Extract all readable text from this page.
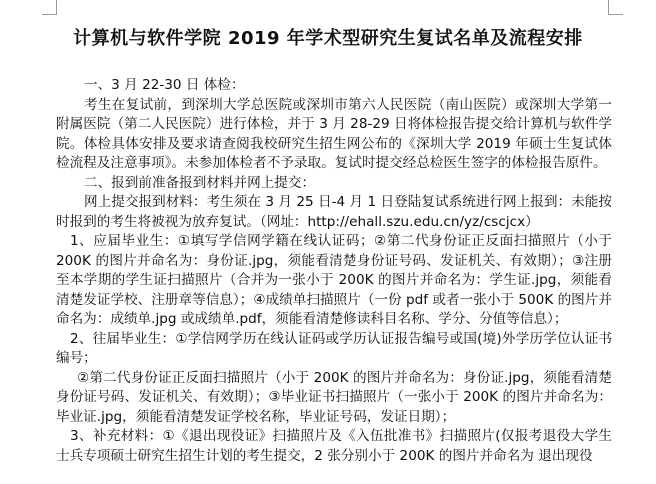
计算机与软件学院 2019 年学术型研究生复试名单及流程安排

一、3 月 22-30 日 体检：

考生在复试前，到深圳大学总医院或深圳市第六人民医院（南山医院）或深圳大学第一附属医院（第二人民医院）进行体检，并于 3 月 28-29 日将体检报告提交给计算机与软件学院。体检具体安排及要求请查阅我校研究生招生网公布的《深圳大学 2019 年硕士生复试体检流程及注意事项》。未参加体检者不予录取。复试时提交经总检医生签字的体检报告原件。

二、报到前准备报到材料并网上提交：

网上提交报到材料：考生须在 3 月 25 日-4 月 1 日登陆复试系统进行网上报到：未能按时报到的考生将被视为放弃复试。（网址：http://ehall.szu.edu.cn/yz/cscjcx）

1、应届毕业生：①填写学信网学籍在线认证码；②第二代身份证正反面扫描照片（小于 200K 的图片并命名为：身份证.jpg，须能看清楚身份证号码、发证机关、有效期）；③注册至本学期的学生证扫描照片（合并为一张小于 200K 的图片并命名为：学生证.jpg，须能看清楚发证学校、注册章等信息）；④成绩单扫描照片（一份 pdf 或者一张小于 500K 的图片并命名为：成绩单.jpg 或成绩单.pdf，须能看清楚修读科目名称、学分、分值等信息）；

2、往届毕业生：①学信网学历在线认证码或学历认证报告编号或国(境)外学历学位认证书编号；

②第二代身份证正反面扫描照片（小于 200K 的图片并命名为：身份证.jpg，须能看清楚身份证号码、发证机关、有效期）；③毕业证书扫描照片（一张小于 200K 的图片并命名为：毕业证.jpg，须能看清楚发证学校名称，毕业证号码，发证日期）；

3、补充材料：①《退出现役证》扫描照片及《入伍批准书》扫描照片(仅报考退役大学生士兵专项硕士研究生招生计划的考生提交，2 张分别小于 200K 的图片并命名为 退出现役
